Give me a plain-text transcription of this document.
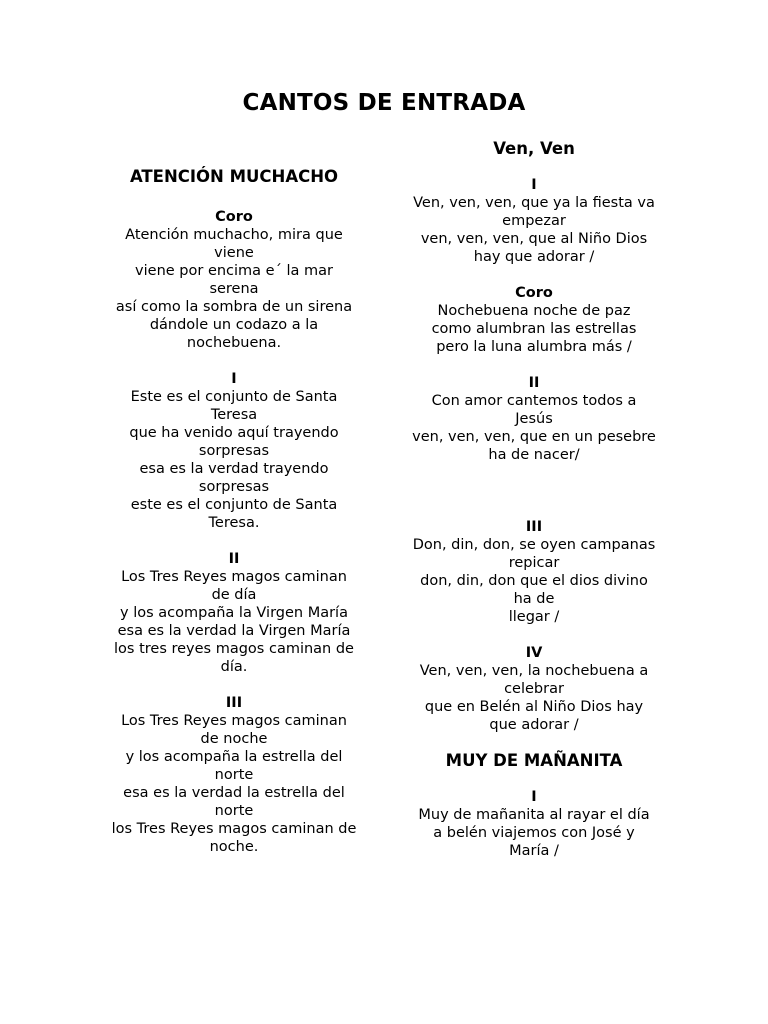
CANTOS DE ENTRADA
ATENCIÓN MUCHACHO
Coro
Atención muchacho, mira que
viene
viene por encima e´ la mar
serena
así como la sombra de un sirena
dándole un codazo a la
nochebuena.
I
Este es el conjunto de Santa
Teresa
que ha venido aquí trayendo
sorpresas
esa es la verdad trayendo
sorpresas
este es el conjunto de Santa
Teresa.
II
Los Tres Reyes magos caminan
de día
y los acompaña la Virgen María
esa es la verdad la Virgen María
los tres reyes magos caminan de
día.
III
Los Tres Reyes magos caminan
de noche
y los acompaña la estrella del
norte
esa es la verdad la estrella del
norte
los Tres Reyes magos caminan de
noche.
Ven, Ven
I
Ven, ven, ven, que ya la fiesta va
empezar
ven, ven, ven, que al Niño Dios
hay que adorar /
Coro
Nochebuena noche de paz
como alumbran las estrellas
pero la luna alumbra más /
II
Con amor cantemos todos a
Jesús
ven, ven, ven, que en un pesebre
ha de nacer/
III
Don, din, don, se oyen campanas
repicar
don, din, don que el dios divino
ha de
llegar /
IV
Ven, ven, ven, la nochebuena a
celebrar
que en Belén al Niño Dios hay
que adorar /
MUY DE MAÑANITA
I
Muy de mañanita al rayar el día
a belén viajemos con José y
María /
